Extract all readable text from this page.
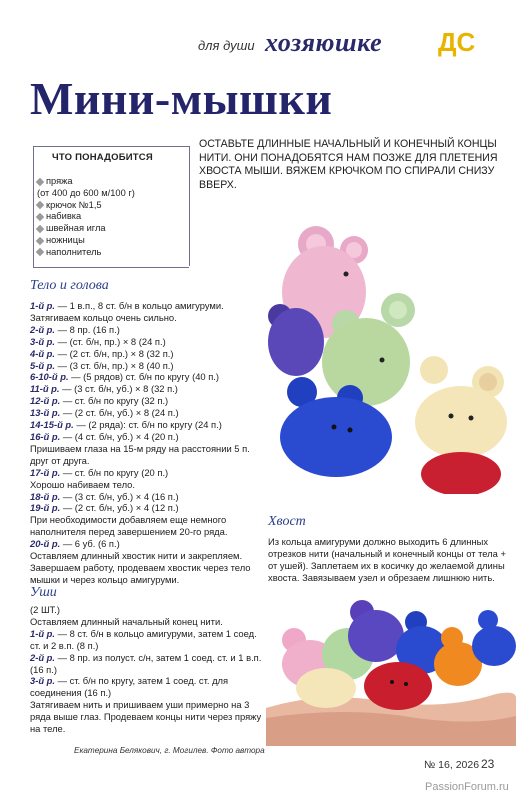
для души хозяюшке ДС
Мини-мышки
ЧТО ПОНАДОБИТСЯ
пряжа
(от 400 до 600 м/100 г)
крючок №1,5
набивка
швейная игла
ножницы
наполнитель
ОСТАВЬТЕ ДЛИННЫЕ НАЧАЛЬНЫЙ И КОНЕЧНЫЙ КОНЦЫ НИТИ. ОНИ ПОНАДОБЯТСЯ НАМ ПОЗЖЕ ДЛЯ ПЛЕТЕНИЯ ХВОСТА МЫШИ. ВЯЖЕМ КРЮЧКОМ ПО СПИРАЛИ СНИЗУ ВВЕРХ.
Тело и голова
1-й р. — 1 в.п., 8 ст. б/н в кольцо амигуруми.
Затягиваем кольцо очень сильно.
2-й р. — 8 пр. (16 п.)
3-й р. — (ст. б/н, пр.) × 8 (24 п.)
4-й р. — (2 ст. б/н, пр.) × 8 (32 п.)
5-й р. — (3 ст. б/н, пр.) × 8 (40 п.)
6-10-й р. — (5 рядов) ст. б/н по кругу (40 п.)
11-й р. — (3 ст. б/н, уб.) × 8 (32 п.)
12-й р. — ст. б/н по кругу (32 п.)
13-й р. — (2 ст. б/н, уб.) × 8 (24 п.)
14-15-й р. — (2 ряда): ст. б/н по кругу (24 п.)
16-й р. — (4 ст. б/н, уб.) × 4 (20 п.)
Пришиваем глаза на 15-м ряду на расстоянии 5 п. друг от друга.
17-й р. — ст. б/н по кругу (20 п.)
Хорошо набиваем тело.
18-й р. — (3 ст. б/н, уб.) × 4 (16 п.)
19-й р. — (2 ст. б/н, уб.) × 4 (12 п.)
При необходимости добавляем еще немного наполнителя перед завершением 20-го ряда.
20-й р. — 6 уб. (6 п.)
Оставляем длинный хвостик нити и закрепляем. Завершаем работу, продеваем хвостик через тело мышки и через кольцо амигуруми.
Уши
(2 ШТ.)
Оставляем длинный начальный конец нити.
1-й р. — 8 ст. б/н в кольцо амигуруми, затем 1 соед. ст. и 2 в.п. (8 п.)
2-й р. — 8 пр. из полуст. с/н, затем 1 соед. ст. и 1 в.п. (16 п.)
3-й р. — ст. б/н по кругу, затем 1 соед. ст. для соединения (16 п.)
Затягиваем нить и пришиваем уши примерно на 3 ряда выше глаз. Продеваем концы нити через пряжу на теле.
Хвост
Из кольца амигуруми должно выходить 6 длинных отрезков нити (начальный и конечный концы от тела + от ушей). Заплетаем их в косичку до желаемой длины хвоста. Завязываем узел и обрезаем лишнюю нить.
Екатерина Белякович, г. Могилев. Фото автора
№ 16, 2026 23
PassionForum.ru
